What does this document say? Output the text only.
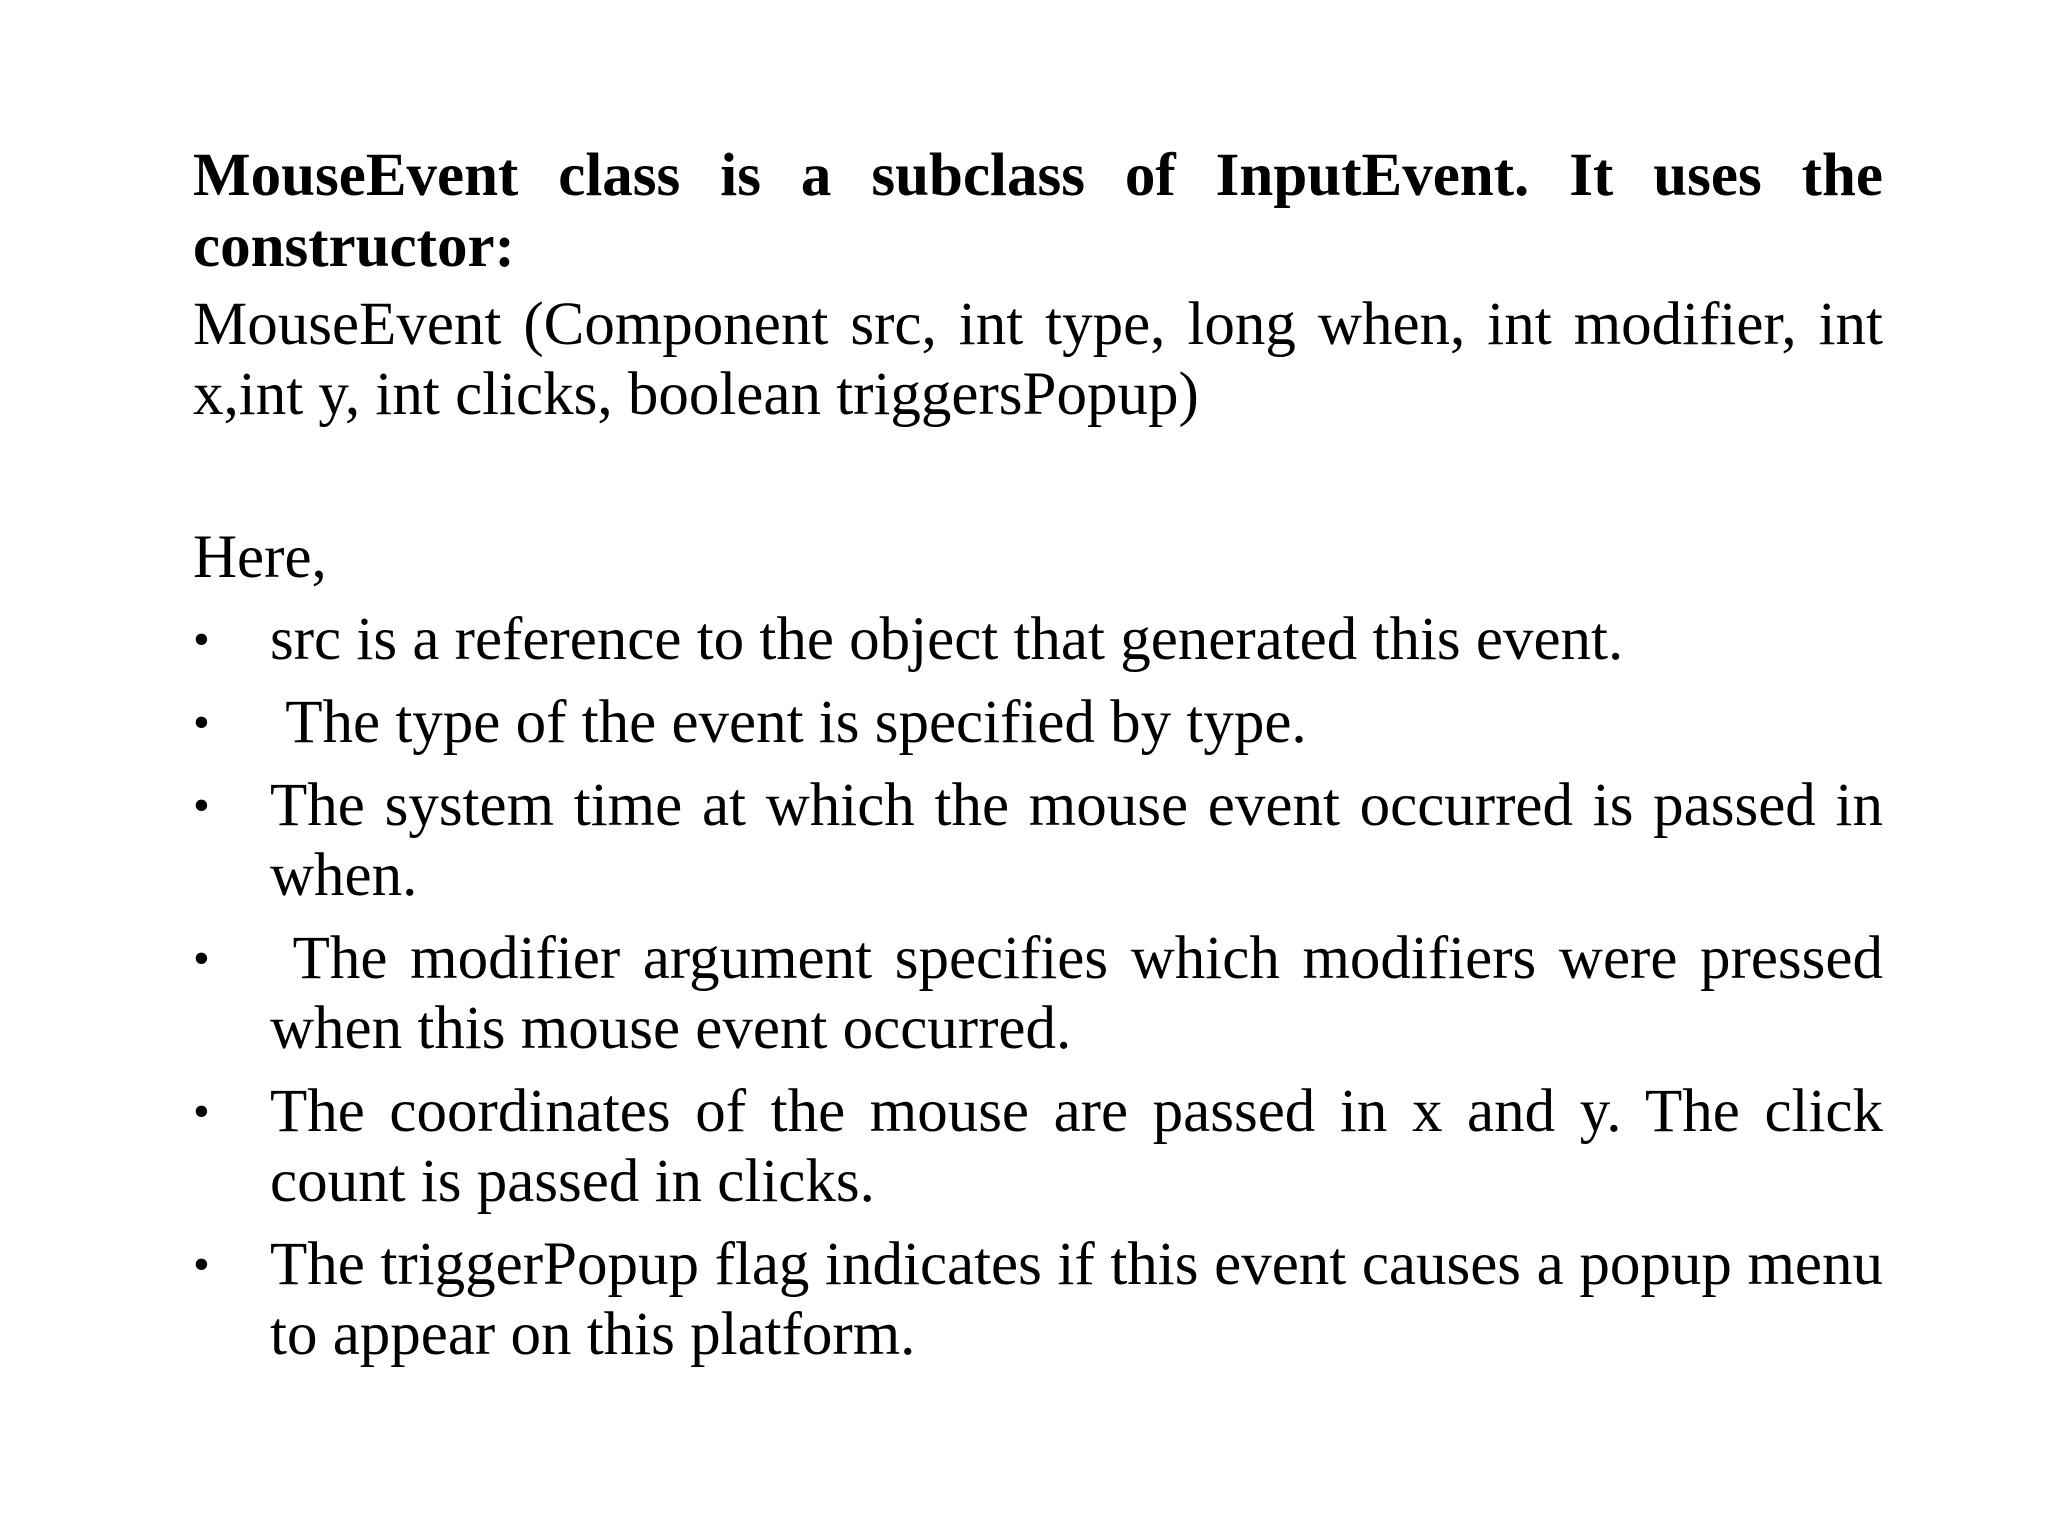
MouseEvent class is a subclass of InputEvent. It uses the constructor:

MouseEvent (Component src, int type, long when, int modifier, int x,int y, int clicks, boolean triggersPopup)

Here,

• src is a reference to the object that generated this event.
• The type of the event is specified by type.
• The system time at which the mouse event occurred is passed in when.
• The modifier argument specifies which modifiers were pressed when this mouse event occurred.
• The coordinates of the mouse are passed in x and y. The click count is passed in clicks.
• The triggerPopup flag indicates if this event causes a popup menu to appear on this platform.
